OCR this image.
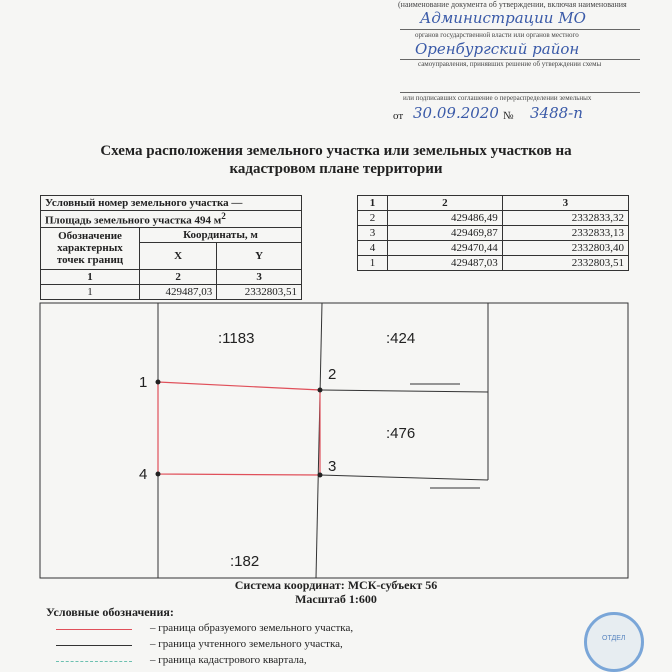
(наименование документа об утверждении, включая наименования
Администрации МО
органов государственной власти или органов местного
Оренбургский район
самоуправления, принявших решение об утверждении схемы
или подписавших соглашение о перераспределении земельных
от 30.09.2020 № 3488-п
Схема расположения земельного участка или земельных участков на
кадастровом плане территории
Условный номер земельного участка —		
Площадь земельного участка 494 $м^2$
Обозначение характерных точек границ	Координаты, м	
	X	Y
1	2	3
1	429487,03	2332803,51
1	2	3
2	429486,49	2332833,32
3	429469,87	2332833,13
4	429470,44	2332803,40
1	429487,03	2332803,51
:1183	:424
:476
:182
1	2
3
4
Система координат: МСК-субъект 56
Масштаб 1:600
Условные обозначения:
– граница образуемого земельного участка,
– граница учтенного земельного участка,
– граница кадастрового квартала,
ОТДЕЛ
